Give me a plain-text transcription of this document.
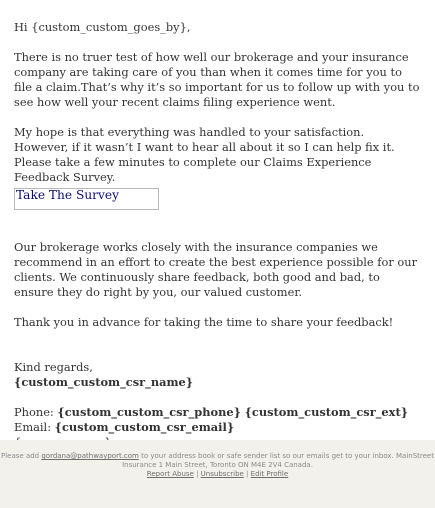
Hi {custom_custom_goes_by},

There is no truer test of how well our brokerage and your insurance company are taking care of you than when it comes time for you to file a claim.That’s why it’s so important for us to follow up with you to see how well your recent claims filing experience went.

My hope is that everything was handled to your satisfaction. However, if it wasn’t I want to hear all about it so I can help fix it. Please take a few minutes to complete our Claims Experience Feedback Survey.

Take The Survey

Our brokerage works closely with the insurance companies we recommend in an effort to create the best experience possible for our clients. We continuously share feedback, both good and bad, to ensure they do right by you, our valued customer.

Thank you in advance for taking the time to share your feedback!

Kind regards,

{custom_custom_csr_name}

Phone: {custom_custom_csr_phone} {custom_custom_csr_ext}

Email: {custom_custom_csr_email}

Please add gordana@pathwayport.com to your address book or safe sender list so our emails get to your inbox. MainStreet Insurance 1 Main Street, Toronto ON M4E 2V4 Canada.
Report Abuse | Unsubscribe | Edit Profile
